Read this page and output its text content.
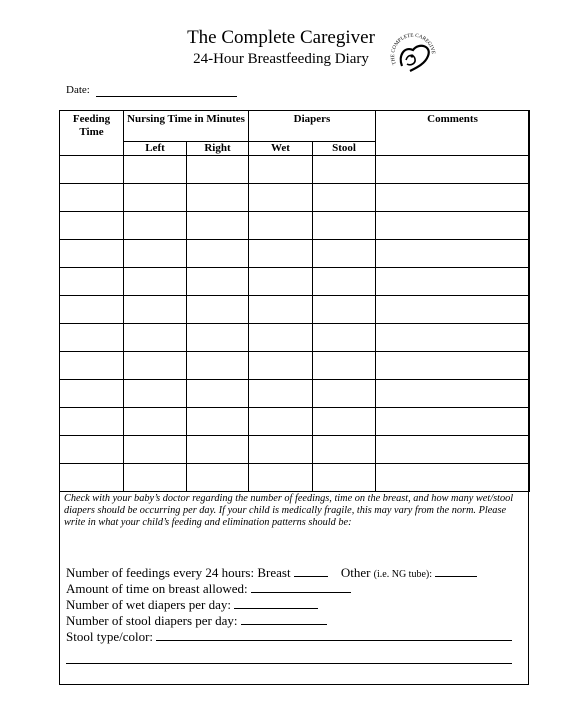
The Complete Caregiver
24-Hour Breastfeeding Diary	THE COMPLETE CAREGIVE
Date:
Feeding Time	Nursing Time in Minutes		Diapers		Comments
	Left	Right	Wet	Stool	

Check with your baby’s doctor regarding the number of feedings, time on the breast, and how many wet/stool diapers should be occurring per day. If your child is medically fragile, this may vary from the norm. Please write in what your child’s feeding and elimination patterns should be:
Number of feedings every 24 hours: Breast	Other (i.e. NG tube):
Amount of time on breast allowed:
Number of wet diapers per day:
Number of stool diapers per day:
Stool type/color:
